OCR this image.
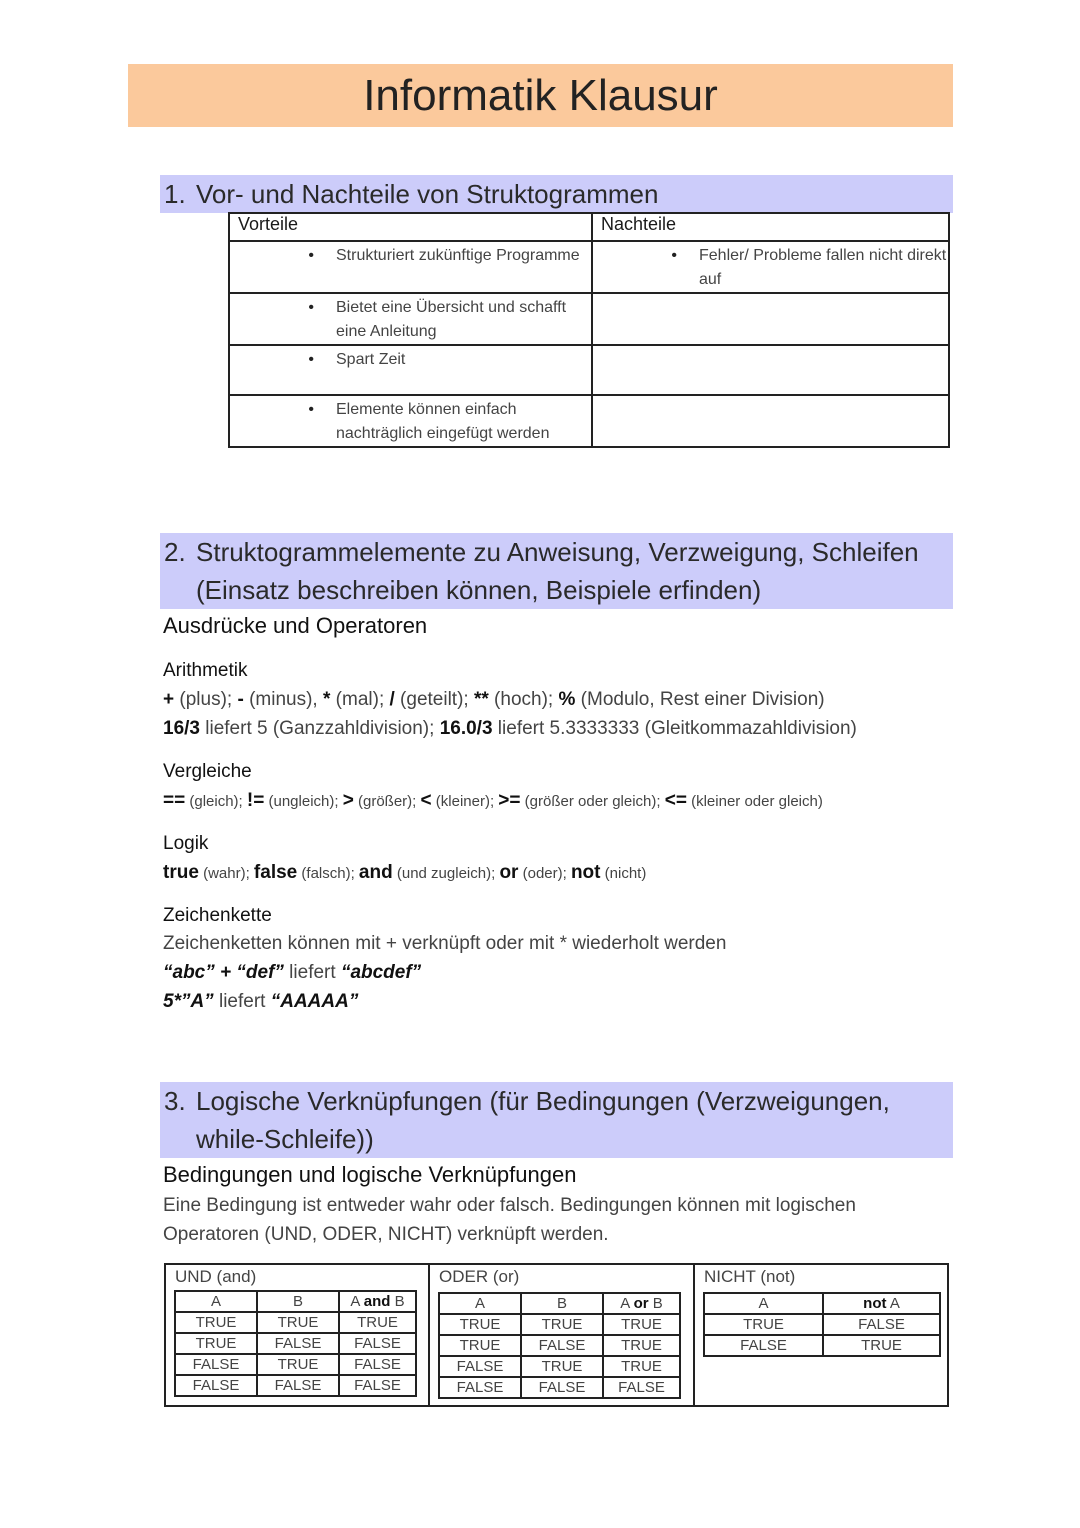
Informatik Klausur
1. Vor- und Nachteile von Struktogrammen
Vorteile	Nachteile

• Strukturiert zukünftige Programme	• Fehler/ Probleme fallen nicht direkt auf

• Bietet eine Übersicht und schafft eine Anleitung	

• Spart Zeit	

• Elemente können einfach nachträglich eingefügt werden	

2. Struktogrammelemente zu Anweisung, Verzweigung, Schleifen
(Einsatz beschreiben können, Beispiele erfinden)
Ausdrücke und Operatoren
Arithmetik
+ (plus); - (minus), * (mal); / (geteilt); ** (hoch); % (Modulo, Rest einer Division)
16/3 liefert 5 (Ganzzahldivision); 16.0/3 liefert 5.3333333 (Gleitkommazahldivision)
Vergleiche
== (gleich); != (ungleich); > (größer); < (kleiner); >= (größer oder gleich); <= (kleiner oder gleich)
Logik
true (wahr); false (falsch); and (und zugleich); or (oder); not (nicht)
Zeichenkette
Zeichenketten können mit + verknüpft oder mit * wiederholt werden
“abc” + “def” liefert “abcdef”
5*”A” liefert “AAAAA”
3. Logische Verknüpfungen (für Bedingungen (Verzweigungen,
while-Schleife))
Bedingungen und logische Verknüpfungen
Eine Bedingung ist entweder wahr oder falsch. Bedingungen können mit logischen
Operatoren (UND, ODER, NICHT) verknüpft werden.
UND (and)
A	B	A and B
TRUE	TRUE	TRUE
TRUE	FALSE	FALSE
FALSE	TRUE	FALSE
FALSE	FALSE	FALSE
ODER (or)
A	B	A or B
TRUE	TRUE	TRUE
TRUE	FALSE	TRUE
FALSE	TRUE	TRUE
FALSE	FALSE	FALSE
NICHT (not)
A	not A
TRUE	FALSE
FALSE	TRUE
